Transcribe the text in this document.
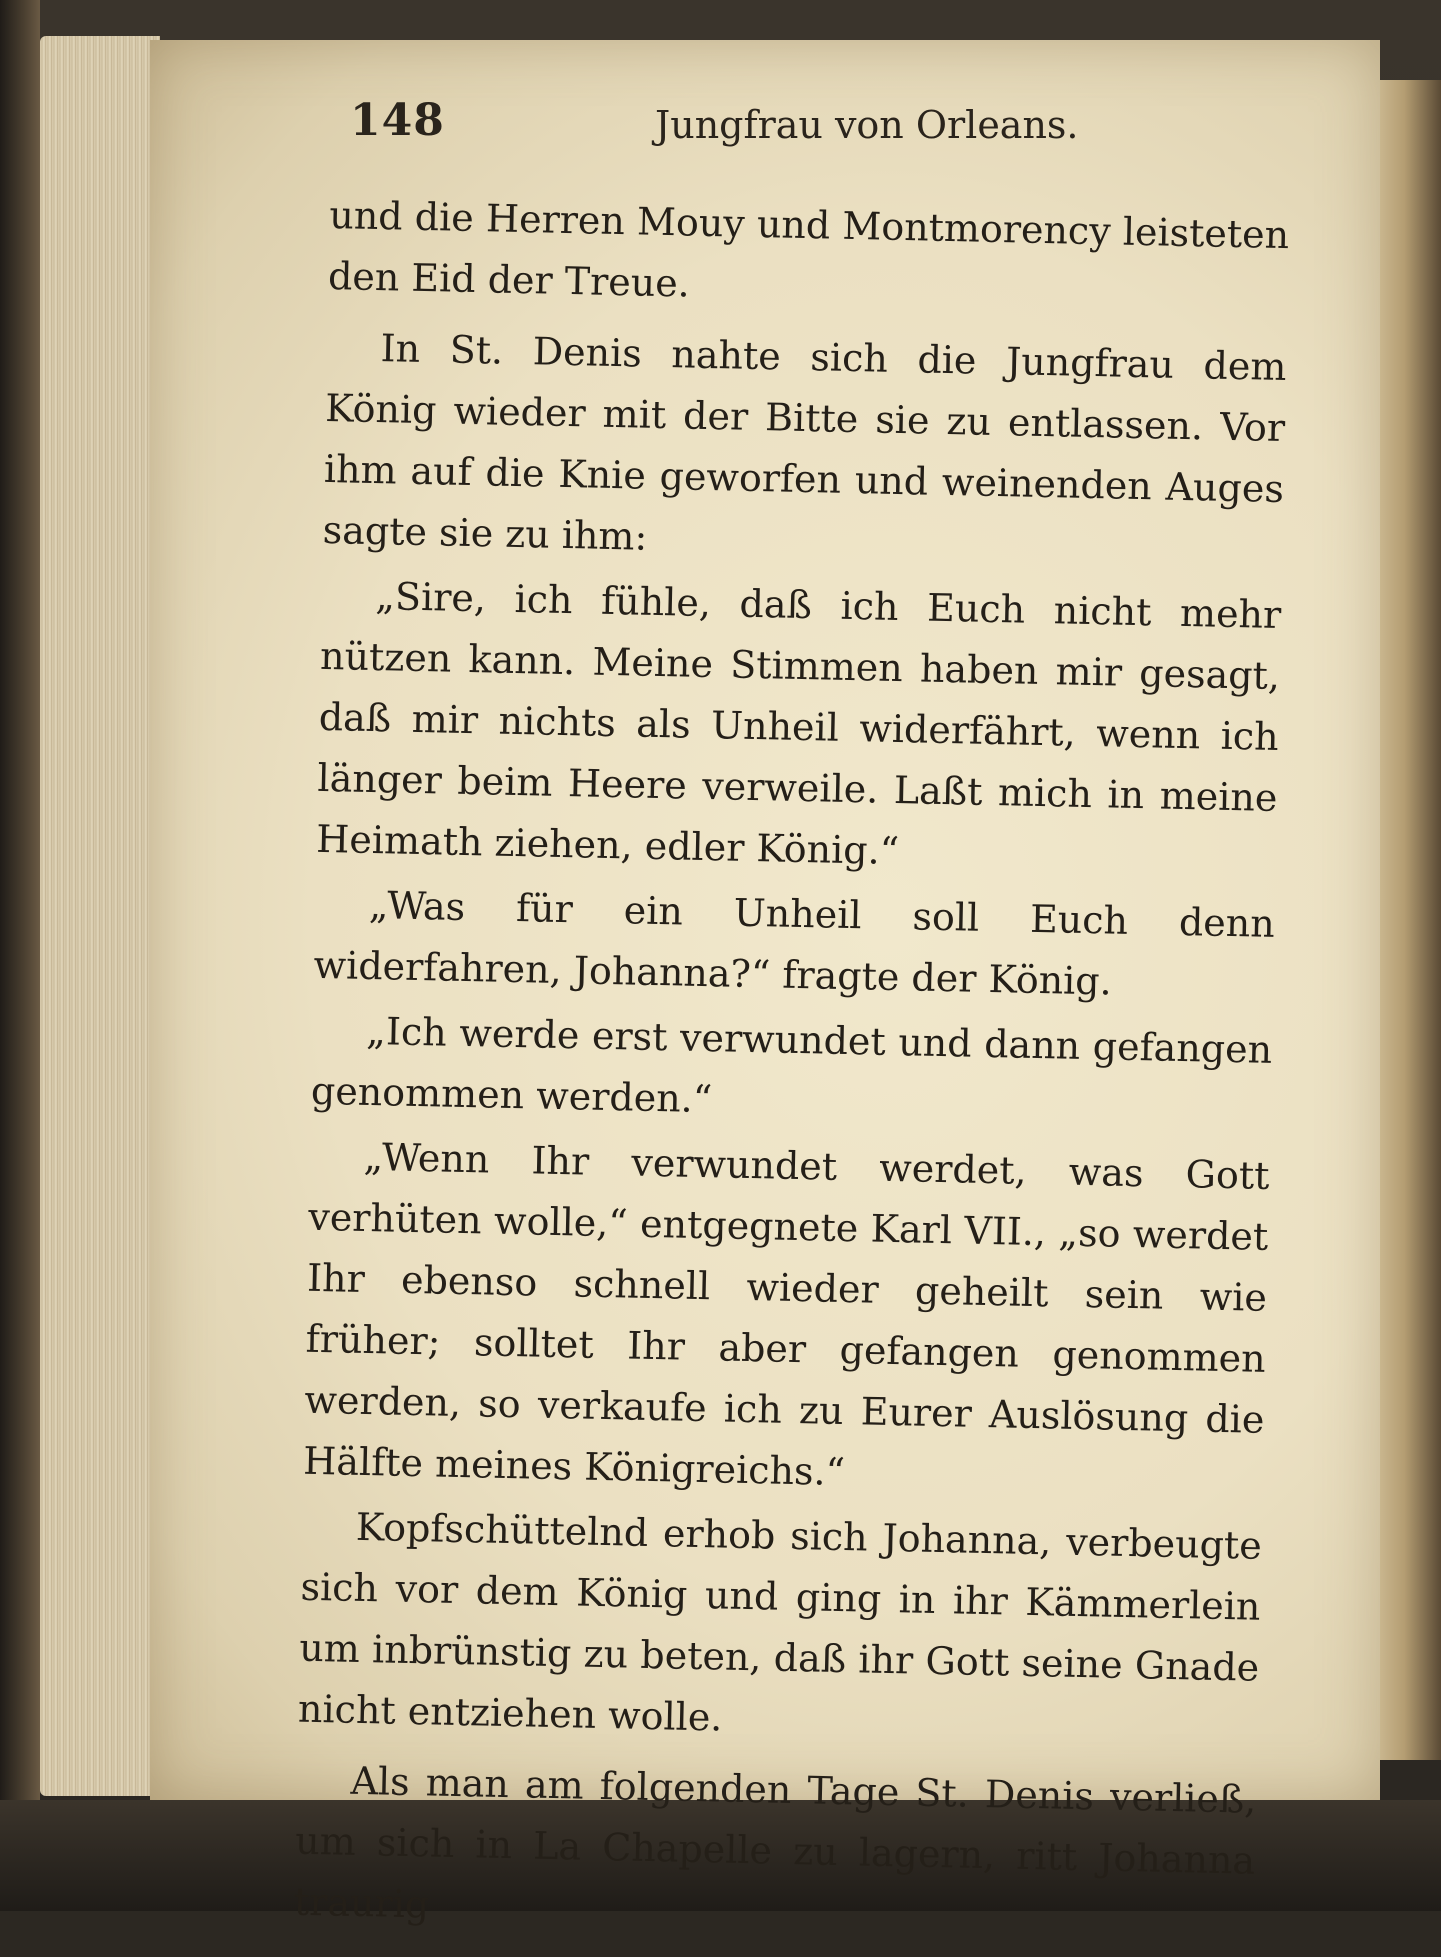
148	Jungfrau von Orleans.

und die Herren Mouy und Montmorency leisteten den Eid der Treue.

In St. Denis nahte sich die Jungfrau dem König wieder mit der Bitte sie zu entlassen. Vor ihm auf die Knie geworfen und weinenden Auges sagte sie zu ihm:

„Sire, ich fühle, daß ich Euch nicht mehr nützen kann. Meine Stimmen haben mir gesagt, daß mir nichts als Unheil widerfährt, wenn ich länger beim Heere verweile. Laßt mich in meine Heimath ziehen, edler König.“

„Was für ein Unheil soll Euch denn widerfahren, Johanna?“ fragte der König.

„Ich werde erst verwundet und dann gefangen genommen werden.“

„Wenn Ihr verwundet werdet, was Gott verhüten wolle,“ entgegnete Karl VII., „so werdet Ihr ebenso schnell wieder geheilt sein wie früher; solltet Ihr aber gefangen genommen werden, so verkaufe ich zu Eurer Auslösung die Hälfte meines Königreichs.“

Kopfschüttelnd erhob sich Johanna, verbeugte sich vor dem König und ging in ihr Kämmerlein um inbrünstig zu beten, daß ihr Gott seine Gnade nicht entziehen wolle.

Als man am folgenden Tage St. Denis verließ, um sich in La Chapelle zu lagern, ritt Johanna traurig
